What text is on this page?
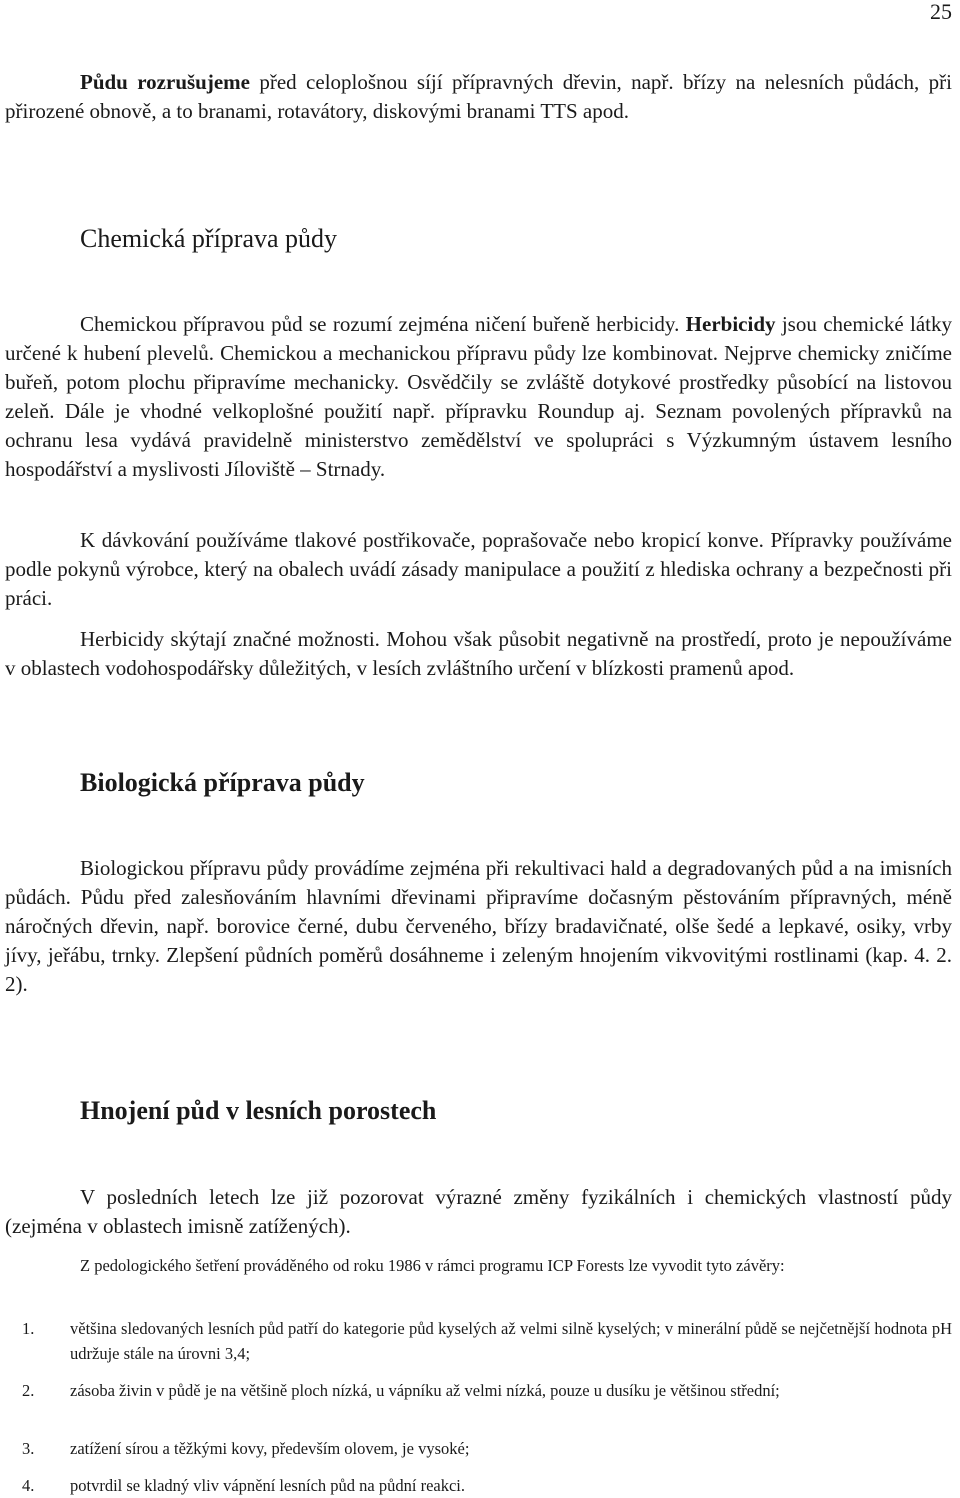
25

Půdu rozrušujeme před celoplošnou síjí přípravných dřevin, např. břízy na nelesních půdách, při přirozené obnově, a to branami, rotavátory, diskovými branami TTS apod.

Chemická příprava půdy

Chemickou přípravou půd se rozumí zejména ničení buřeně herbicidy. Herbicidy jsou chemické látky určené k hubení plevelů. Chemickou a mechanickou přípravu půdy lze kombinovat. Nejprve chemicky zničíme buřeň, potom plochu připravíme mechanicky. Osvědčily se zvláště dotykové prostředky působící na listovou zeleň. Dále je vhodné velkoplošné použití např. přípravku Roundup aj. Seznam povolených přípravků na ochranu lesa vydává pravidelně ministerstvo zemědělství ve spolupráci s Výzkumným ústavem lesního hospodářství a myslivosti Jíloviště – Strnady.

K dávkování používáme tlakové postřikovače, poprašovače nebo kropicí konve. Přípravky používáme podle pokynů výrobce, který na obalech uvádí zásady manipulace a použití z hlediska ochrany a bezpečnosti při práci.

Herbicidy skýtají značné možnosti. Mohou však působit negativně na prostředí, proto je nepoužíváme v oblastech vodohospodářsky důležitých, v lesích zvláštního určení v blízkosti pramenů apod.

Biologická příprava půdy

Biologickou přípravu půdy provádíme zejména při rekultivaci hald a degradovaných půd a na imisních půdách. Půdu před zalesňováním hlavními dřevinami připravíme dočasným pěstováním přípravných, méně náročných dřevin, např. borovice černé, dubu červeného, břízy bradavičnaté, olše šedé a lepkavé, osiky, vrby jívy, jeřábu, trnky. Zlepšení půdních poměrů dosáhneme i zeleným hnojením vikvovitými rostlinami (kap. 4. 2. 2).

Hnojení půd v lesních porostech

V posledních letech lze již pozorovat výrazné změny fyzikálních i chemických vlastností půdy (zejména v oblastech imisně zatížených).

Z pedologického šetření prováděného od roku 1986 v rámci programu ICP Forests lze vyvodit tyto závěry:

1. většina sledovaných lesních půd patří do kategorie půd kyselých až velmi silně kyselých; v minerální půdě se nejčetnější hodnota pH udržuje stále na úrovni 3,4;
2. zásoba živin v půdě je na většině ploch nízká, u vápníku až velmi nízká, pouze u dusíku je většinou střední;
3. zatížení sírou a těžkými kovy, především olovem, je vysoké;
4. potvrdil se kladný vliv vápnění lesních půd na půdní reakci.
